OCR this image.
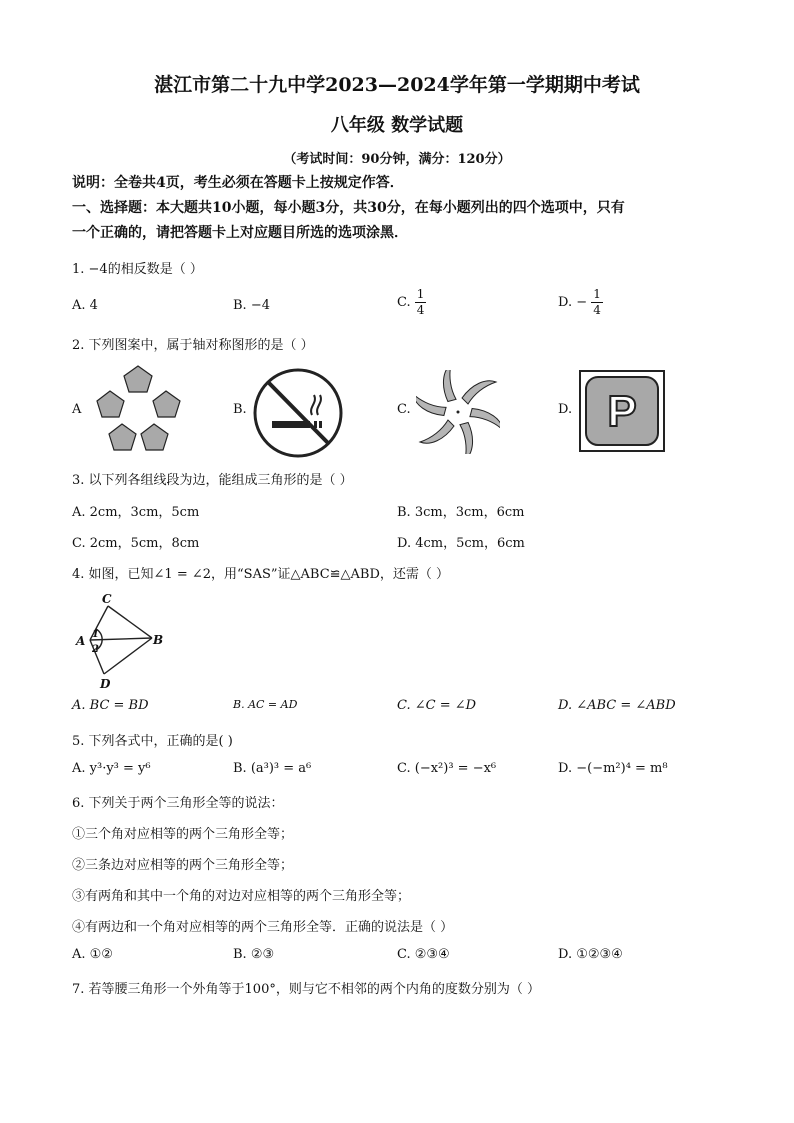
湛江市第二十九中学2023—2024学年第一学期期中考试
八年级 数学试题
（考试时间：90分钟，满分：120分）
说明：全卷共4页，考生必须在答题卡上按规定作答．
一、选择题：本大题共10小题，每小题3分，共30分，在每小题列出的四个选项中，只有
一个正确的，请把答题卡上对应题目所选的选项涂黑．
1. −4的相反数是（ ）
A. 4	B. −4	C. $\frac{1}{4}$	D. − $\frac{1}{4}$
2. 下列图案中，属于轴对称图形的是（ ）
A	B.	C.	D. P
3. 以下列各组线段为边，能组成三角形的是（ ）
A. 2cm，3cm，5cm	B. 3cm，3cm，6cm
C. 2cm，5cm，8cm	D. 4cm，5cm，6cm
4. 如图，已知∠1 = ∠2，用“SAS”证△ABC≌△ABD，还需（ ）
C
A	B
D
1
2
A. BC = BD	B. AC = AD	C. ∠C = ∠D	D. ∠ABC = ∠ABD
5. 下列各式中，正确的是( )
A. y³·y³ = y⁶	B. (a³)³ = a⁶	C. (−x²)³ = −x⁶	D. −(−m²)⁴ = m⁸
6. 下列关于两个三角形全等的说法：
①三个角对应相等的两个三角形全等；
②三条边对应相等的两个三角形全等；
③有两角和其中一个角的对边对应相等的两个三角形全等；
④有两边和一个角对应相等的两个三角形全等．正确的说法是（ ）
A. ①②	B. ②③	C. ②③④	D. ①②③④
7. 若等腰三角形一个外角等于100°，则与它不相邻的两个内角的度数分别为（ ）
